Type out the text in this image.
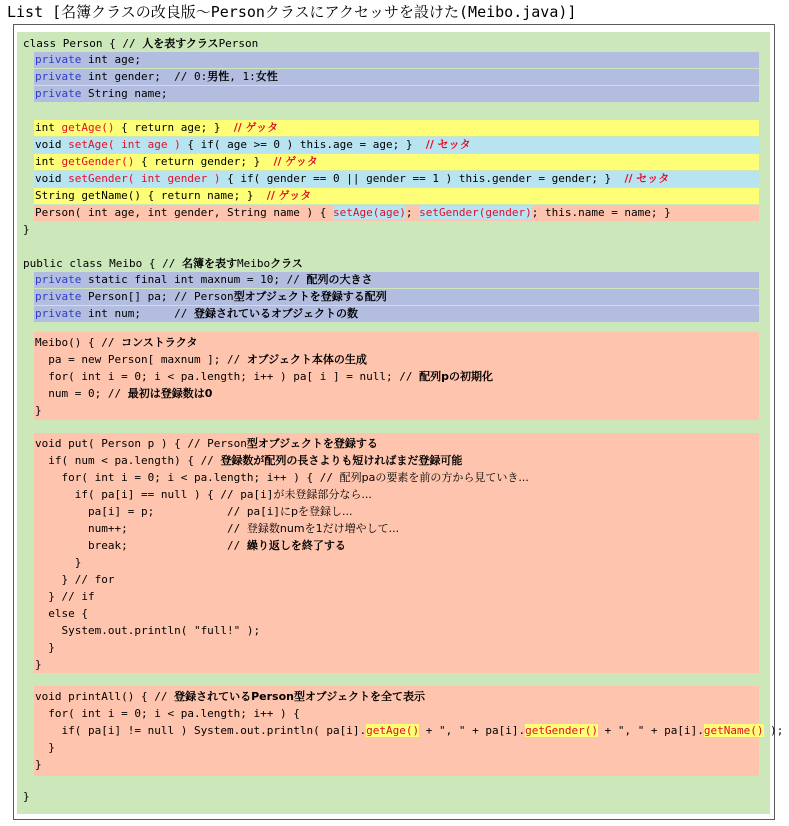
List [名簿クラスの改良版〜Personクラスにアクセッサを設けた(Meibo.java)]
class Person { // 人を表すクラスPerson
private int age;
private int gender;  // 0:男性, 1:女性
private String name;
int getAge() { return age; }  // ゲッタ
void setAge( int age ) { if( age >= 0 ) this.age = age; }  // セッタ
int getGender() { return gender; }  // ゲッタ
void setGender( int gender ) { if( gender == 0 || gender == 1 ) this.gender = gender; }  // セッタ
String getName() { return name; }  // ゲッタ
Person( int age, int gender, String name ) { setAge(age); setGender(gender); this.name = name; }
}
public class Meibo { // 名簿を表すMeiboクラス
private static final int maxnum = 10; // 配列の大きさ
private Person[] pa; // Person型オブジェクトを登録する配列
private int num;     // 登録されているオブジェクトの数
Meibo() { // コンストラクタ
pa = new Person[ maxnum ]; // オブジェクト本体の生成
for( int i = 0; i < pa.length; i++ ) pa[ i ] = null; // 配列pの初期化
num = 0; // 最初は登録数は0
}
void put( Person p ) { // Person型オブジェクトを登録する
if( num < pa.length) { // 登録数が配列の長さよりも短ければまだ登録可能
for( int i = 0; i < pa.length; i++ ) { // 配列paの要素を前の方から見ていき...
if( pa[i] == null ) { // pa[i]が未登録部分なら...
pa[i] = p;           // pa[i]にpを登録し...
num++;               // 登録数numを1だけ増やして...
break;               // 繰り返しを終了する
}
} // for
} // if
else {
System.out.println( "full!" );
}
}
void printAll() { // 登録されているPerson型オブジェクトを全て表示
for( int i = 0; i < pa.length; i++ ) {
if( pa[i] != null ) System.out.println( pa[i].getAge() + ", " + pa[i].getGender() + ", " + pa[i].getName() );
}
}
}
